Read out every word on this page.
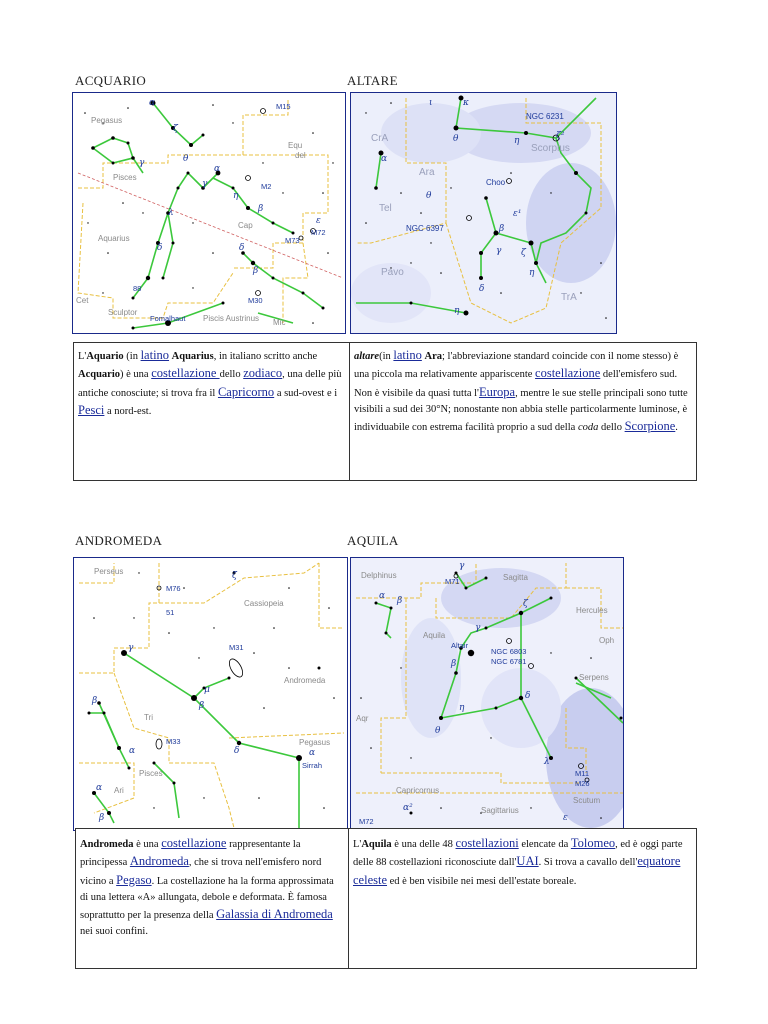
ACQUARIO	ALTARE
ANDROMEDA	AQUILA
Pegasus
Equ
del
Pisces
Aquarius
Cap
Cet
Sculptor
Piscis Austrinus Mic
M15
M2
M72
M73
M30
88
Fomalhaut
α
ζ
θ
γ
η
α
γ
λ
δ
β
ε
δ
β
CrA
Scorpius
Ara
Tel
Pavo
TrA
NGC 6231
Choo
NGC 6397
ι	κ
θ
α
ζ²
η
θ
ε¹
β
γ ζ
δ
η
η
L'Aquario (in latino Aquarius, in italiano scritto anche Acquario) è una costellazione dello zodiaco, una delle più antiche conosciute; si trova fra il Capricorno a sud-ovest e i Pesci a nord-est.
altare(in latino Ara; l'abbreviazione standard coincide con il nome stesso) è una piccola ma relativamente appariscente costellazione dell'emisfero sud. Non è visibile da quasi tutta l'Europa, mentre le sue stelle principali sono tutte visibili a sud dei 30°N; nonostante non abbia stelle particolarmente luminose, è individuabile con estrema facilità proprio a sud della coda dello Scorpione.
Perseus
Cassiopeia
Andromeda
Tri
Pisces
Ari
Pegasus
M76
51
M31
M33
Sirrah
ζ
γ
μ
β
β
α	δ
α
α
β
Delphinus	Sagitta
Hercules
Aquila
Oph
Serpens
Aqr
Capricornus
Sagittarius
Scutum
M71
Altair
NGC 6803
NGC 6781
M11
M26
M72
γ
α β	ζ
γ
β
η
θ
δ
λ
α²
ε
Andromeda è una costellazione rappresentante la principessa Andromeda, che si trova nell'emisfero nord vicino a Pegaso. La costellazione ha la forma approssimata di una lettera «A» allungata, debole e deformata. È famosa soprattutto per la presenza della Galassia di Andromeda nei suoi confini.
L'Aquila è una delle 48 costellazioni elencate da Tolomeo, ed è oggi parte delle 88 costellazioni riconosciute dall'UAI. Si trova a cavallo dell'equatore celeste ed è ben visibile nei mesi dell'estate boreale.
